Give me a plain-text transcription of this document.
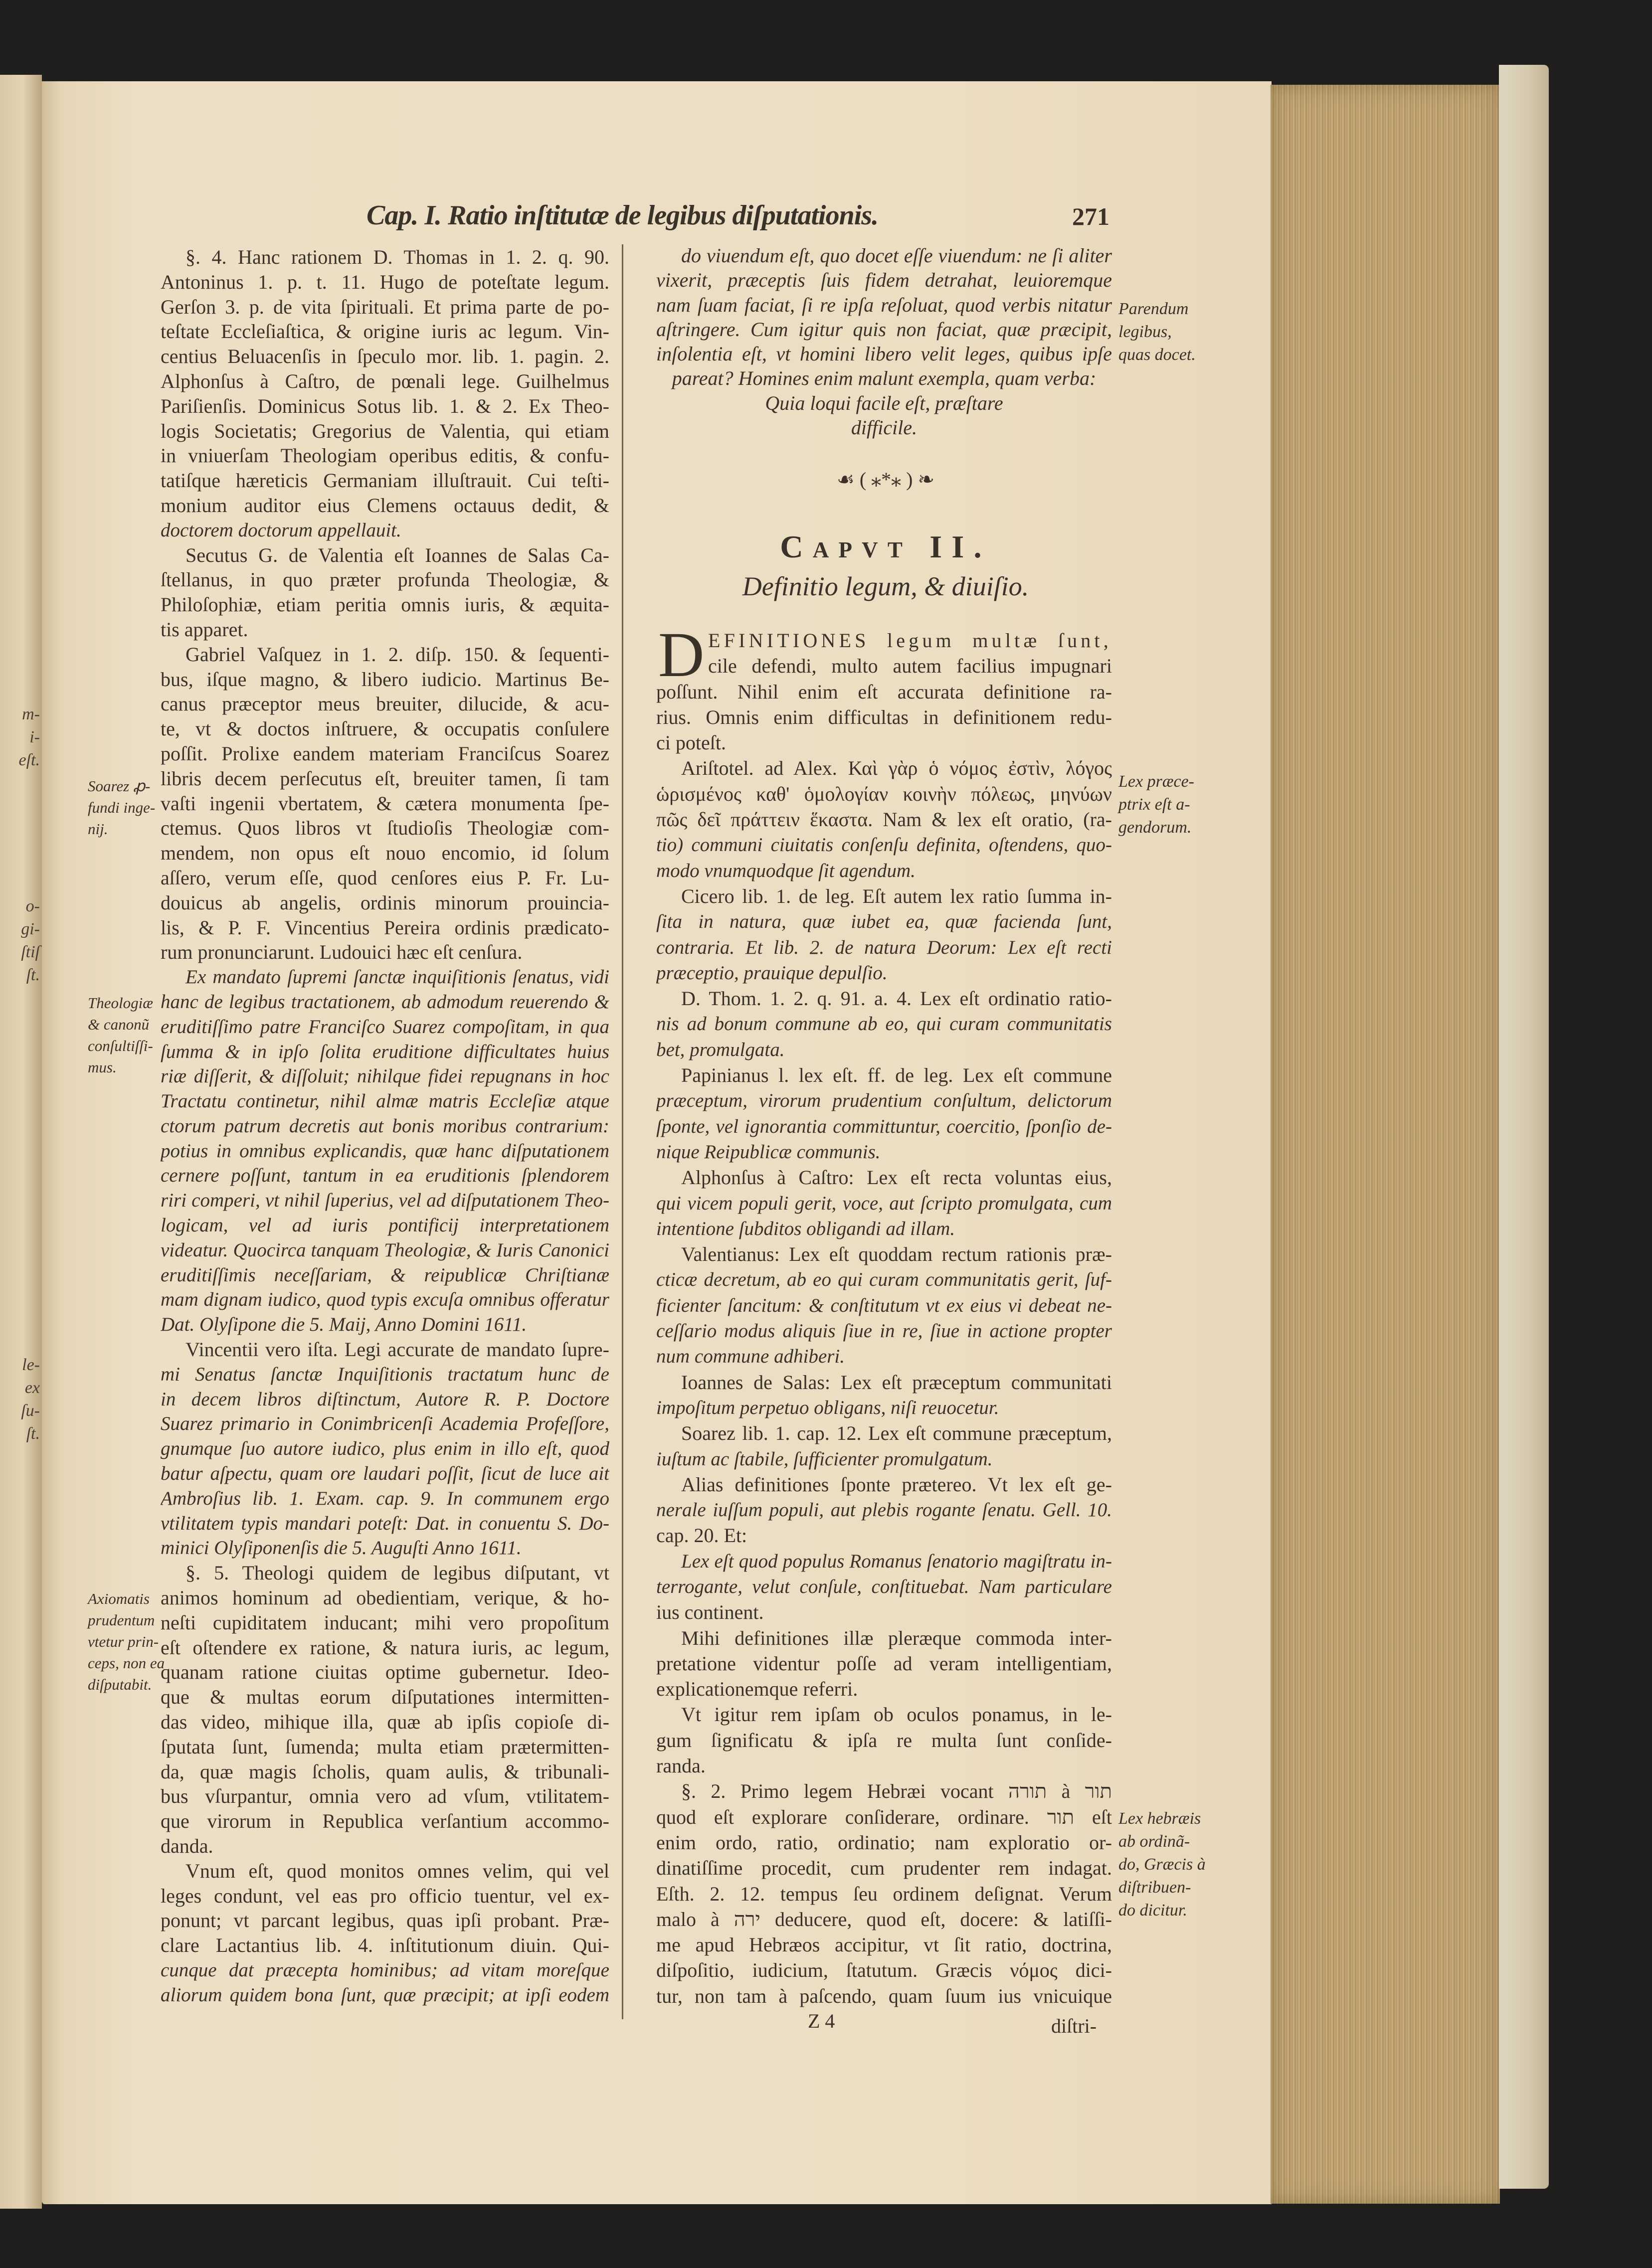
m-
i-
eſt.
o-
gi-
ſtiſ
ſt.
le-
ex
ſu-
ſt.
Cap. I. Ratio inſtitutæ de legibus diſputationis.	271
§. 4. Hanc rationem D. Thomas in 1. 2. q. 90.
Antoninus 1. p. t. 11. Hugo de poteſtate legum.
Gerſon 3. p. de vita ſpirituali. Et prima parte de po-
teſtate Eccleſiaſtica, & origine iuris ac legum. Vin-
centius Beluacenſis in ſpeculo mor. lib. 1. pagin. 2.
Alphonſus à Caſtro, de pœnali lege. Guilhelmus
Pariſienſis. Dominicus Sotus lib. 1. & 2. Ex Theo-
logis Societatis; Gregorius de Valentia, qui etiam
in vniuerſam Theologiam operibus editis, & confu-
tatiſque hæreticis Germaniam illuſtrauit. Cui teſti-
monium auditor eius Clemens octauus dedit, &
doctorem doctorum appellauit.
Secutus G. de Valentia eſt Ioannes de Salas Ca-
ſtellanus, in quo præter profunda Theologiæ, &
Philoſophiæ, etiam peritia omnis iuris, & æquita-
tis apparet.
Gabriel Vaſquez in 1. 2. diſp. 150. & ſequenti-
bus, iſque magno, & libero iudicio. Martinus Be-
canus præceptor meus breuiter, dilucide, & acu-
te, vt & doctos inſtruere, & occupatis conſulere
poſſit. Prolixe eandem materiam Franciſcus Soarez
libris decem perſecutus eſt, breuiter tamen, ſi tam
vaſti ingenii vbertatem, & cætera monumenta ſpe-
ctemus. Quos libros vt ſtudioſis Theologiæ com-
mendem, non opus eſt nouo encomio, id ſolum
aſſero, verum eſſe, quod cenſores eius P. Fr. Lu-
douicus ab angelis, ordinis minorum prouincia-
lis, & P. F. Vincentius Pereira ordinis prædicato-
rum pronunciarunt. Ludouici hæc eſt cenſura.
Ex mandato ſupremi ſanctæ inquiſitionis ſenatus, vidi
hanc de legibus tractationem, ab admodum reuerendo &
eruditiſſimo patre Franciſco Suarez compoſitam, in qua
ſumma & in ipſo ſolita eruditione difficultates huius
riæ diſſerit, & diſſoluit; nihilque fidei repugnans in hoc
Tractatu continetur, nihil almæ matris Eccleſiæ atque
ctorum patrum decretis aut bonis moribus contrarium:
potius in omnibus explicandis, quæ hanc diſputationem
cernere poſſunt, tantum in ea eruditionis ſplendorem
riri comperi, vt nihil ſuperius, vel ad diſputationem Theo-
logicam, vel ad iuris pontificij interpretationem
videatur. Quocirca tanquam Theologiæ, & Iuris Canonici
eruditiſſimis neceſſariam, & reipublicæ Chriſtianæ
mam dignam iudico, quod typis excuſa omnibus offeratur
Dat. Olyſipone die 5. Maij, Anno Domini 1611.
Vincentii vero iſta. Legi accurate de mandato ſupre-
mi Senatus ſanctæ Inquiſitionis tractatum hunc de
in decem libros diſtinctum, Autore R. P. Doctore
Suarez primario in Conimbricenſi Academia Profeſſore,
gnumque ſuo autore iudico, plus enim in illo eſt, quod
batur aſpectu, quam ore laudari poſſit, ſicut de luce ait
Ambroſius lib. 1. Exam. cap. 9. In communem ergo
vtilitatem typis mandari poteſt: Dat. in conuentu S. Do-
minici Olyſiponenſis die 5. Auguſti Anno 1611.
§. 5. Theologi quidem de legibus diſputant, vt
animos hominum ad obedientiam, verique, & ho-
neſti cupiditatem inducant; mihi vero propoſitum
eſt oſtendere ex ratione, & natura iuris, ac legum,
quanam ratione ciuitas optime gubernetur. Ideo-
que & multas eorum diſputationes intermitten-
das video, mihique illa, quæ ab ipſis copioſe di-
ſputata ſunt, ſumenda; multa etiam prætermitten-
da, quæ magis ſcholis, quam aulis, & tribunali-
bus vſurpantur, omnia vero ad vſum, vtilitatem-
que virorum in Republica verſantium accommo-
danda.
Vnum eſt, quod monitos omnes velim, qui vel
leges condunt, vel eas pro officio tuentur, vel ex-
ponunt; vt parcant legibus, quas ipſi probant. Præ-
clare Lactantius lib. 4. inſtitutionum diuin. Qui-
cunque dat præcepta hominibus; ad vitam moreſque
aliorum quidem bona ſunt, quæ præcipit; at ipſi eodem
do viuendum eſt, quo docet eſſe viuendum: ne ſi aliter
vixerit, præceptis ſuis fidem detrahat, leuioremque
nam ſuam faciat, ſi re ipſa reſoluat, quod verbis nitatur
aſtringere. Cum igitur quis non faciat, quæ præcipit,
inſolentia eſt, vt homini libero velit leges, quibus ipſe
pareat? Homines enim malunt exempla, quam verba:
Quia loqui facile eſt, præſtare
difficile.
☙ ( ⁎*⁎ ) ❧
Capvt II.
Definitio legum, & diuiſio.
D EFINITIONES legum multæ ſunt,
cile defendi, multo autem facilius impugnari
poſſunt. Nihil enim eſt accurata definitione ra-
rius. Omnis enim difficultas in definitionem redu-
ci poteſt.
Ariſtotel. ad Alex. Καὶ γὰρ ὁ νόμος ἐστὶν, λόγος
ὡρισμένος καθ' ὁμολογίαν κοινὴν πόλεως, μηνύων
πῶς δεῖ πράττειν ἕκαστα. Nam & lex eſt oratio, (ra-
tio) communi ciuitatis conſenſu definita, oſtendens, quo-
modo vnumquodque ſit agendum.
Cicero lib. 1. de leg. Eſt autem lex ratio ſumma in-
ſita in natura, quæ iubet ea, quæ facienda ſunt,
contraria. Et lib. 2. de natura Deorum: Lex eſt recti
præceptio, prauique depulſio.
D. Thom. 1. 2. q. 91. a. 4. Lex eſt ordinatio ratio-
nis ad bonum commune ab eo, qui curam communitatis
bet, promulgata.
Papinianus l. lex eſt. ff. de leg. Lex eſt commune
præceptum, virorum prudentium conſultum, delictorum
ſponte, vel ignorantia committuntur, coercitio, ſponſio de-
nique Reipublicæ communis.
Alphonſus à Caſtro: Lex eſt recta voluntas eius,
qui vicem populi gerit, voce, aut ſcripto promulgata, cum
intentione ſubditos obligandi ad illam.
Valentianus: Lex eſt quoddam rectum rationis præ-
cticæ decretum, ab eo qui curam communitatis gerit, ſuf-
ficienter ſancitum: & conſtitutum vt ex eius vi debeat ne-
ceſſario modus aliquis ſiue in re, ſiue in actione propter
num commune adhiberi.
Ioannes de Salas: Lex eſt præceptum communitati
impoſitum perpetuo obligans, niſi reuocetur.
Soarez lib. 1. cap. 12. Lex eſt commune præceptum,
iuſtum ac ſtabile, ſufficienter promulgatum.
Alias definitiones ſponte prætereo. Vt lex eſt ge-
nerale iuſſum populi, aut plebis rogante ſenatu. Gell. 10.
cap. 20. Et:
Lex eſt quod populus Romanus ſenatorio magiſtratu in-
terrogante, velut conſule, conſtituebat. Nam particulare
ius continent.
Mihi definitiones illæ pleræque commoda inter-
pretatione videntur poſſe ad veram intelligentiam,
explicationemque referri.
Vt igitur rem ipſam ob oculos ponamus, in le-
gum ſignificatu & ipſa re multa ſunt conſide-
randa.
§. 2. Primo legem Hebræi vocant תורה à תור
quod eſt explorare conſiderare, ordinare. תור eſt
enim ordo, ratio, ordinatio; nam exploratio or-
dinatiſſime procedit, cum prudenter rem indagat.
Eſth. 2. 12. tempus ſeu ordinem deſignat. Verum
malo à ירה deducere, quod eſt, docere: & latiſſi-
me apud Hebræos accipitur, vt ſit ratio, doctrina,
diſpoſitio, iudicium, ſtatutum. Græcis νόμος dici-
tur, non tam à paſcendo, quam ſuum ius vnicuique
Soarez ꝓ-
fundi inge-
nij.
Theologiæ
& canonũ
conſultiſſi-
mus.
Axiomatis
prudentum
vtetur prin-
ceps, non ea
diſputabit.
Parendum
legibus,
quas docet.
Lex præce-
ptrix eſt a-
gendorum.
Lex hebræis
ab ordinã-
do, Græcis à
diſtribuen-
do dicitur.
Z 4	diſtri-
